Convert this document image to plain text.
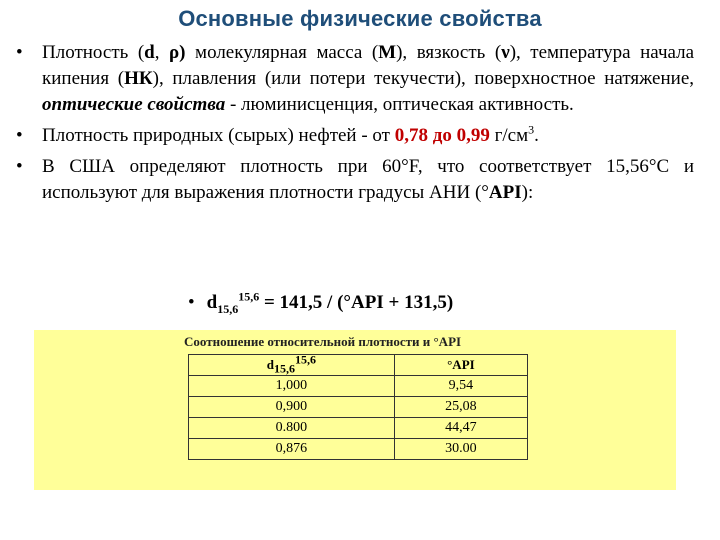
Основные физические свойства
• Плотность (d, ρ) молекулярная масса (М), вязкость (ν), температура начала кипения (НК), плавления (или потери текучести), поверхностное натяжение, оптические свойства - люминисценция, оптическая активность.
• Плотность природных (сырых) нефтей - от 0,78 до 0,99 $г/см^3$.
• В США определяют плотность при 60°F, что соответствует 15,56°С и используют для выражения плотности градусы АНИ (°API):
• $d_{15,6}^{15,6} = 141,5 / (^\circ API + 131,5)$
Соотношение относительной плотности и °API
$d_{15,6}^{15,6}$	°API
1,000	9,54
0,900	25,08
0.800	44,47
0,876	30.00
